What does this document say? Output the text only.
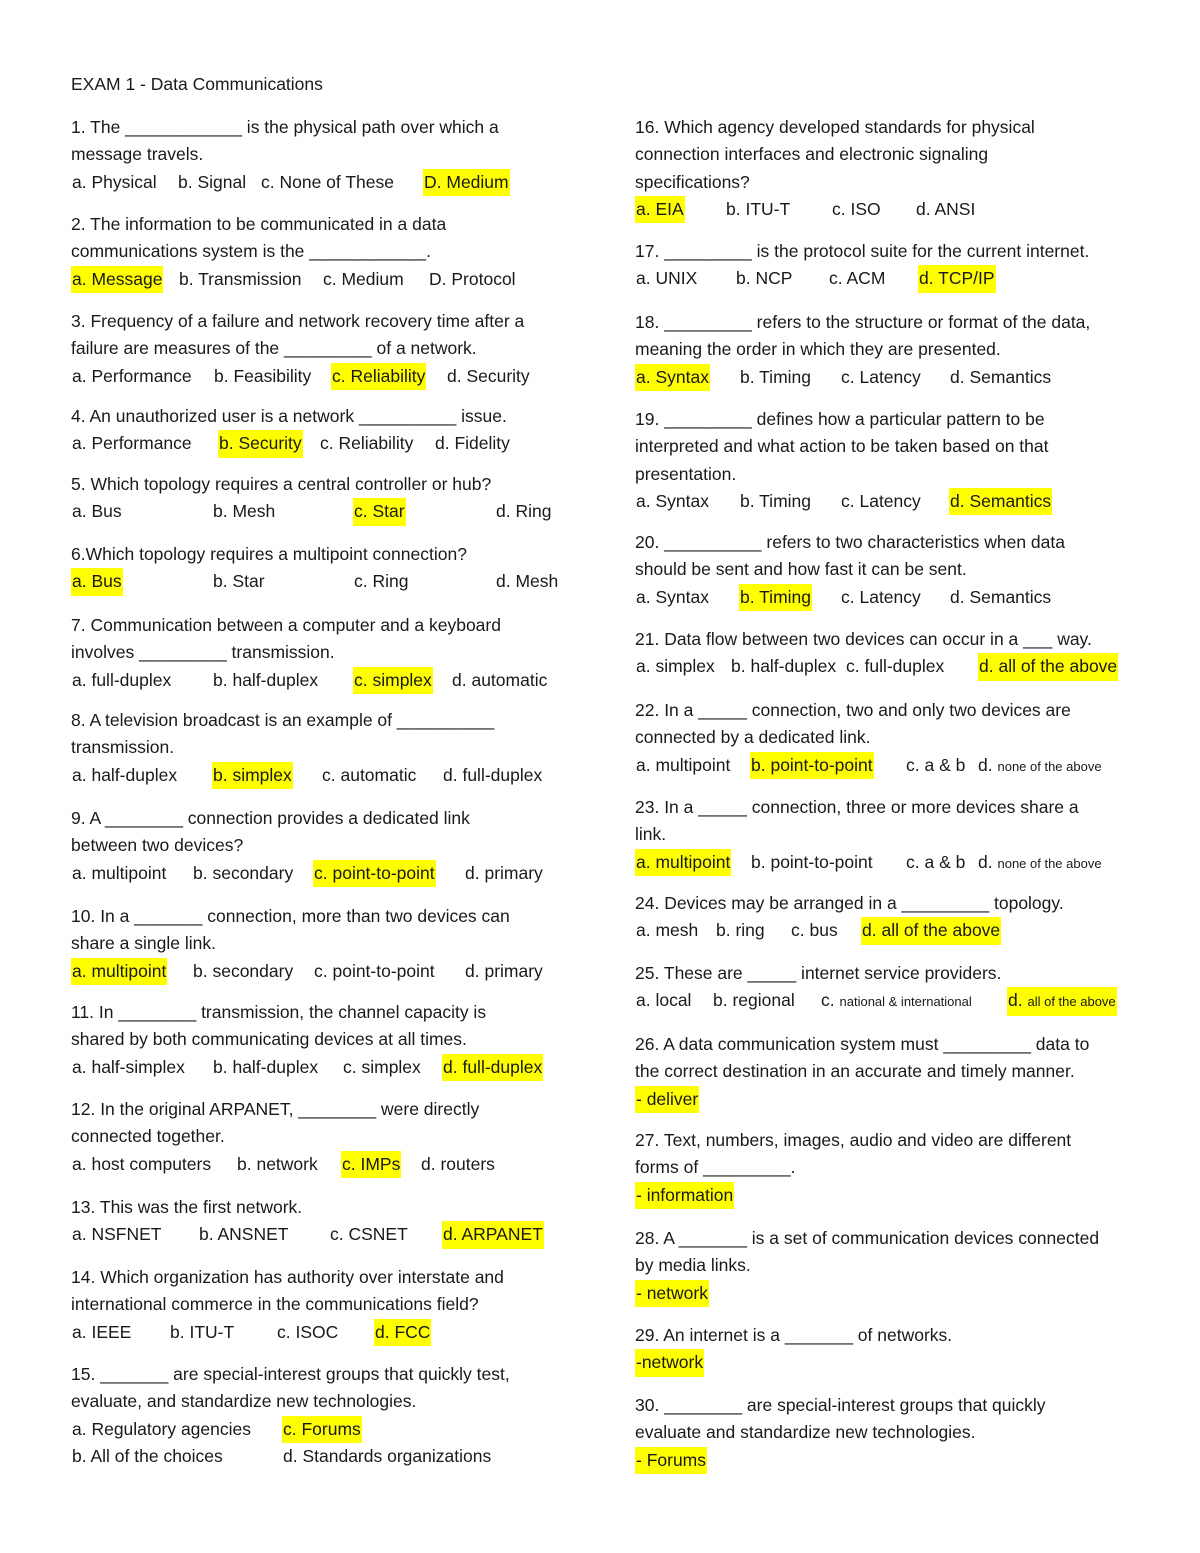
EXAM 1 - Data Communications
1. The ____________ is the physical path over which a
message travels.
a. Physical b. Signal c. None of These D. Medium
2. The information to be communicated in a data
communications system is the ____________.
a. Message b. Transmission c. Medium D. Protocol
3. Frequency of a failure and network recovery time after a
failure are measures of the _________ of a network.
a. Performance b. Feasibility c. Reliability d. Security
4. An unauthorized user is a network __________ issue.
a. Performance b. Security c. Reliability d. Fidelity
5. Which topology requires a central controller or hub?
a. Bus	b. Mesh	c. Star	d. Ring
6.Which topology requires a multipoint connection?
a. Bus	b. Star	c. Ring	d. Mesh
7. Communication between a computer and a keyboard
involves _________ transmission.
a. full-duplex b. half-duplex c. simplex d. automatic
8. A television broadcast is an example of __________
transmission.
a. half-duplex b. simplex c. automatic d. full-duplex
9. A ________ connection provides a dedicated link
between two devices?
a. multipoint b. secondary c. point-to-point d. primary
10. In a _______ connection, more than two devices can
share a single link.
a. multipoint b. secondary c. point-to-point d. primary
11. In ________ transmission, the channel capacity is
shared by both communicating devices at all times.
a. half-simplex b. half-duplex c. simplex d. full-duplex
12. In the original ARPANET, ________ were directly
connected together.
a. host computers b. network c. IMPs d. routers
13. This was the first network.
a. NSFNET b. ANSNET c. CSNET d. ARPANET
14. Which organization has authority over interstate and
international commerce in the communications field?
a. IEEE b. ITU-T c. ISOC d. FCC
15. _______ are special-interest groups that quickly test,
evaluate, and standardize new technologies.
a. Regulatory agencies c. Forums
b. All of the choices	d. Standards organizations
16. Which agency developed standards for physical
connection interfaces and electronic signaling
specifications?
a. EIA b. ITU-T c. ISO d. ANSI
17. _________ is the protocol suite for the current internet.
a. UNIX b. NCP c. ACM d. TCP/IP
18. _________ refers to the structure or format of the data,
meaning the order in which they are presented.
a. Syntax b. Timing c. Latency d. Semantics
19. _________ defines how a particular pattern to be
interpreted and what action to be taken based on that
presentation.
a. Syntax b. Timing c. Latency d. Semantics
20. __________ refers to two characteristics when data
should be sent and how fast it can be sent.
a. Syntax b. Timing c. Latency d. Semantics
21. Data flow between two devices can occur in a ___ way.
a. simplex b. half-duplex c. full-duplex d. all of the above
22. In a _____ connection, two and only two devices are
connected by a dedicated link.
a. multipoint b. point-to-point c. a & b d. none of the above
23. In a _____ connection, three or more devices share a
link.
a. multipoint b. point-to-point c. a & b d. none of the above
24. Devices may be arranged in a _________ topology.
a. mesh b. ring c. bus d. all of the above
25. These are _____ internet service providers.
a. local b. regional c. national & international d. all of the above
26. A data communication system must _________ data to
the correct destination in an accurate and timely manner.
- deliver
27. Text, numbers, images, audio and video are different
forms of _________.
- information
28. A _______ is a set of communication devices connected
by media links.
- network
29. An internet is a _______ of networks.
-network
30. ________ are special-interest groups that quickly
evaluate and standardize new technologies.
- Forums
